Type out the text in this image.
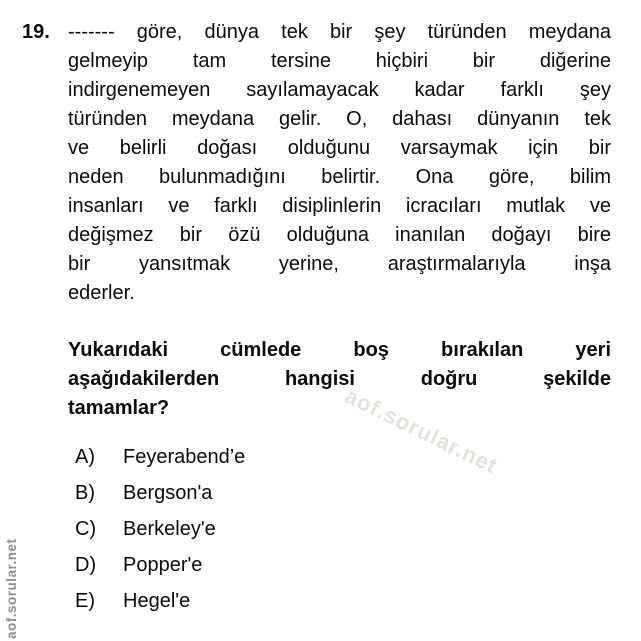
aof.sorular.net
aof.sorular.net
19. ------- göre, dünya tek bir şey türünden meydana
gelmeyip tam tersine hiçbiri bir diğerine
indirgenemeyen sayılamayacak kadar farklı şey
türünden meydana gelir. O, dahası dünyanın tek
ve belirli doğası olduğunu varsaymak için bir
neden bulunmadığını belirtir. Ona göre, bilim
insanları ve farklı disiplinlerin icracıları mutlak ve
değişmez bir özü olduğuna inanılan doğayı bire
bir yansıtmak yerine, araştırmalarıyla inşa
ederler.
Yukarıdaki cümlede boş bırakılan yeri
aşağıdakilerden hangisi doğru şekilde
tamamlar?
A) Feyerabend’e
B) Bergson'a
C) Berkeley'e
D) Popper'e
E) Hegel'e
